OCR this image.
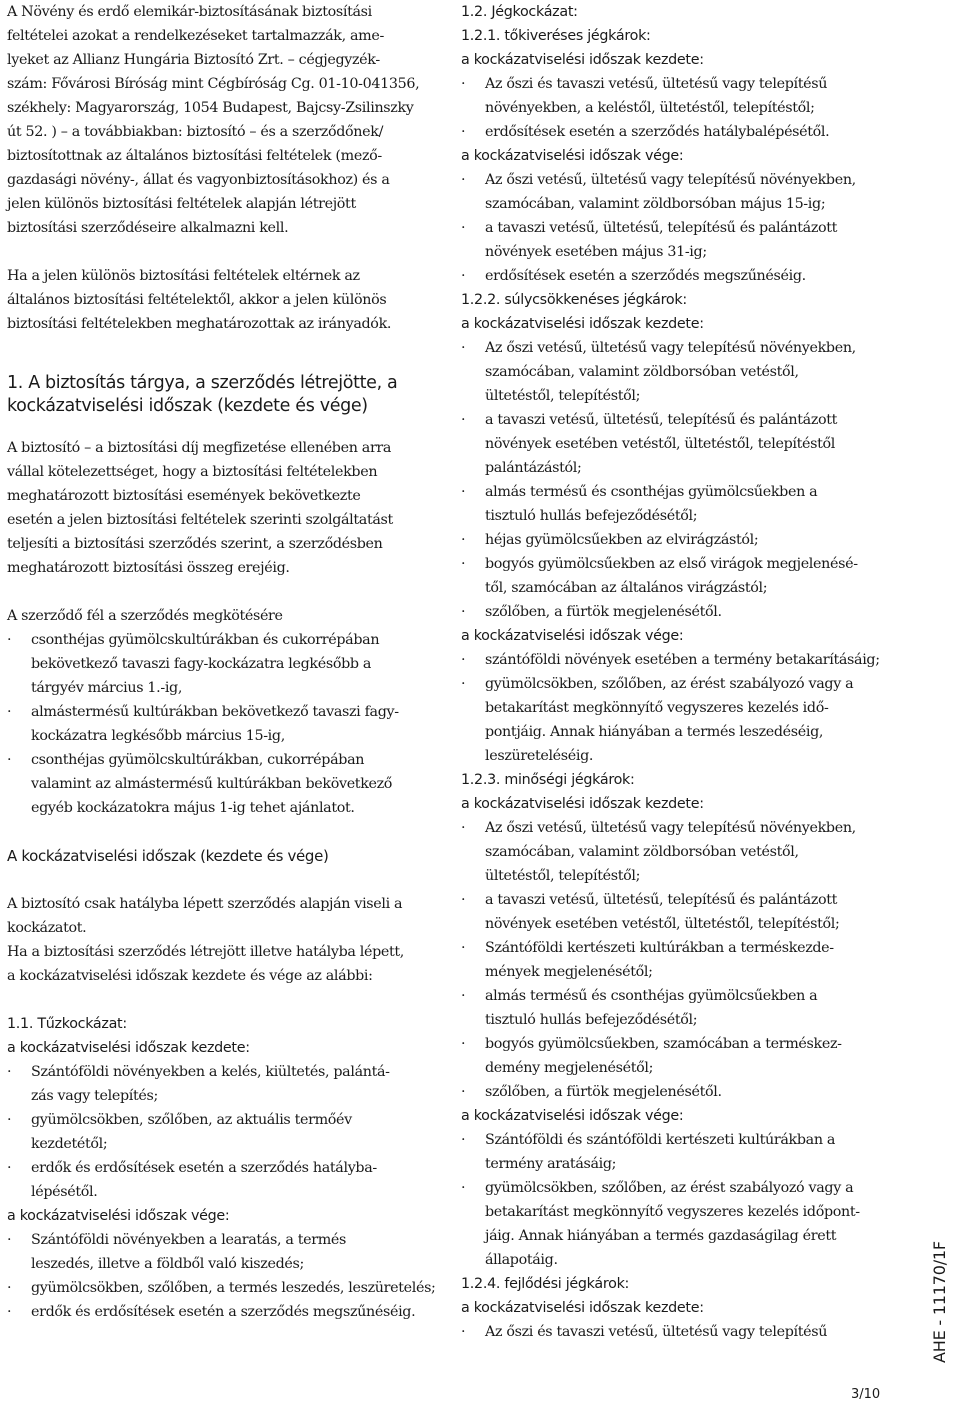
A Növény és erdő elemikár-biztosításának biztosítási
feltételei azokat a rendelkezéseket tartalmazzák, ame-
lyeket az Allianz Hungária Biztosító Zrt. – cégjegyzék-
szám: Fővárosi Bíróság mint Cégbíróság Cg. 01-10-041356,
székhely: Magyarország, 1054 Budapest, Bajcsy-Zsilinszky
út 52. ) – a továbbiakban: biztosító – és a szerződőnek/
biztosítottnak az általános biztosítási feltételek (mező-
gazdasági növény-, állat és vagyonbiztosításokhoz) és a
jelen különös biztosítási feltételek alapján létrejött
biztosítási szerződéseire alkalmazni kell.
Ha a jelen különös biztosítási feltételek eltérnek az
általános biztosítási feltételektől, akkor a jelen különös
biztosítási feltételekben meghatározottak az irányadók.
1. A biztosítás tárgya, a szerződés létrejötte, a
kockázatviselési időszak (kezdete és vége)
A biztosító – a biztosítási díj megfizetése ellenében arra
vállal kötelezettséget, hogy a biztosítási feltételekben
meghatározott biztosítási események bekövetkezte
esetén a jelen biztosítási feltételek szerinti szolgáltatást
teljesíti a biztosítási szerződés szerint, a szerződésben
meghatározott biztosítási összeg erejéig.
A szerződő fél a szerződés megkötésére
·	csonthéjas gyümölcskultúrákban és cukorrépában
bekövetkező tavaszi fagy-kockázatra legkésőbb a
tárgyév március 1.-ig,
·	almástermésű kultúrákban bekövetkező tavaszi fagy-
kockázatra legkésőbb március 15-ig,
·	csonthéjas gyümölcskultúrákban, cukorrépában
valamint az almástermésű kultúrákban bekövetkező
egyéb kockázatokra május 1-ig tehet ajánlatot.
A kockázatviselési időszak (kezdete és vége)
A biztosító csak hatályba lépett szerződés alapján viseli a
kockázatot.
Ha a biztosítási szerződés létrejött illetve hatályba lépett,
a kockázatviselési időszak kezdete és vége az alábbi:
1.1. Tűzkockázat:
a kockázatviselési időszak kezdete:
·	Szántóföldi növényekben a kelés, kiültetés, palántá-
zás vagy telepítés;
·	gyümölcsökben, szőlőben, az aktuális termőév
kezdetétől;
·	erdők és erdősítések esetén a szerződés hatályba-
lépésétől.
a kockázatviselési időszak vége:
·	Szántóföldi növényekben a learatás, a termés
leszedés, illetve a földből való kiszedés;
·	gyümölcsökben, szőlőben, a termés leszedés, leszüretelés;
·	erdők és erdősítések esetén a szerződés megszűnéséig.
1.2. Jégkockázat:
1.2.1. tőkiveréses jégkárok:
a kockázatviselési időszak kezdete:
·	Az őszi és tavaszi vetésű, ültetésű vagy telepítésű
növényekben, a keléstől, ültetéstől, telepítéstől;
·	erdősítések esetén a szerződés hatálybalépésétől.
a kockázatviselési időszak vége:
·	Az őszi vetésű, ültetésű vagy telepítésű növényekben,
szamócában, valamint zöldborsóban május 15-ig;
·	a tavaszi vetésű, ültetésű, telepítésű és palántázott
növények esetében május 31-ig;
·	erdősítések esetén a szerződés megszűnéséig.
1.2.2. súlycsökkenéses jégkárok:
a kockázatviselési időszak kezdete:
·	Az őszi vetésű, ültetésű vagy telepítésű növényekben,
szamócában, valamint zöldborsóban vetéstől,
ültetéstől, telepítéstől;
·	a tavaszi vetésű, ültetésű, telepítésű és palántázott
növények esetében vetéstől, ültetéstől, telepítéstől
palántázástól;
·	almás termésű és csonthéjas gyümölcsűekben a
tisztuló hullás befejeződésétől;
·	héjas gyümölcsűekben az elvirágzástól;
·	bogyós gyümölcsűekben az első virágok megjelenésé-
től, szamócában az általános virágzástól;
·	szőlőben, a fürtök megjelenésétől.
a kockázatviselési időszak vége:
·	szántóföldi növények esetében a termény betakarításáig;
·	gyümölcsökben, szőlőben, az érést szabályozó vagy a
betakarítást megkönnyítő vegyszeres kezelés idő-
pontjáig. Annak hiányában a termés leszedéséig,
leszüreteléséig.
1.2.3. minőségi jégkárok:
a kockázatviselési időszak kezdete:
·	Az őszi vetésű, ültetésű vagy telepítésű növényekben,
szamócában, valamint zöldborsóban vetéstől,
ültetéstől, telepítéstől;
·	a tavaszi vetésű, ültetésű, telepítésű és palántázott
növények esetében vetéstől, ültetéstől, telepítéstől;
·	Szántóföldi kertészeti kultúrákban a terméskezde-
mények megjelenésétől;
·	almás termésű és csonthéjas gyümölcsűekben a
tisztuló hullás befejeződésétől;
·	bogyós gyümölcsűekben, szamócában a terméskez-
demény megjelenésétől;
·	szőlőben, a fürtök megjelenésétől.
a kockázatviselési időszak vége:
·	Szántóföldi és szántóföldi kertészeti kultúrákban a
termény aratásáig;
·	gyümölcsökben, szőlőben, az érést szabályozó vagy a
betakarítást megkönnyítő vegyszeres kezelés időpont-
jáig. Annak hiányában a termés gazdaságilag érett
állapotáig.
1.2.4. fejlődési jégkárok:
a kockázatviselési időszak kezdete:
·	Az őszi és tavaszi vetésű, ültetésű vagy telepítésű	AHE - 11170/1F
3/10
